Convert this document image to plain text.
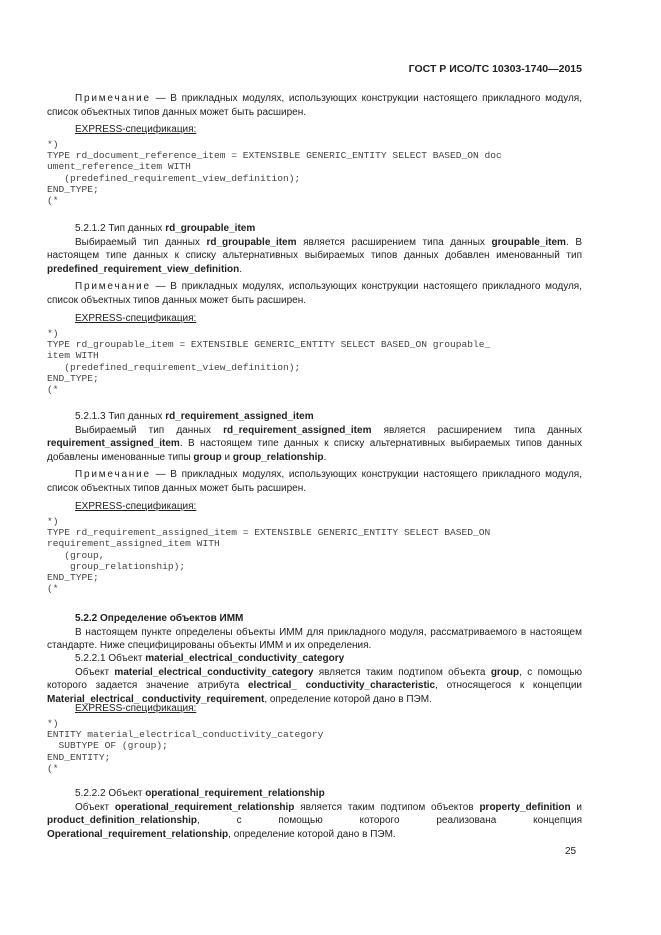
ГОСТ Р ИСО/ТС 10303-1740—2015

Примечание — В прикладных модулях, использующих конструкции настоящего прикладного модуля, список объектных типов данных может быть расширен.

EXPRESS-спецификация:

*)
TYPE rd_document_reference_item = EXTENSIBLE GENERIC_ENTITY SELECT BASED_ON doc
ument_reference_item WITH
(predefined_requirement_view_definition);
END_TYPE;
(*

5.2.1.2 Тип данных rd_groupable_item

Выбираемый тип данных rd_groupable_item является расширением типа данных groupable_item. В настоящем типе данных к списку альтернативных выбираемых типов данных добавлен именованный тип predefined_requirement_view_definition.

Примечание — В прикладных модулях, использующих конструкции настоящего прикладного модуля, список объектных типов данных может быть расширен.

EXPRESS-спецификация:

*)
TYPE rd_groupable_item = EXTENSIBLE GENERIC_ENTITY SELECT BASED_ON groupable_
item WITH
(predefined_requirement_view_definition);
END_TYPE;
(*

5.2.1.3 Тип данных rd_requirement_assigned_item

Выбираемый тип данных rd_requirement_assigned_item является расширением типа данных requirement_assigned_item. В настоящем типе данных к списку альтернативных выбираемых типов данных добавлены именованные типы group и group_relationship.

Примечание — В прикладных модулях, использующих конструкции настоящего прикладного модуля, список объектных типов данных может быть расширен.

EXPRESS-спецификация:

*)
TYPE rd_requirement_assigned_item = EXTENSIBLE GENERIC_ENTITY SELECT BASED_ON
requirement_assigned_item WITH
(group,
group_relationship);
END_TYPE;
(*

5.2.2 Определение объектов ИММ

В настоящем пункте определены объекты ИММ для прикладного модуля, рассматриваемого в настоящем стандарте. Ниже специфицированы объекты ИММ и их определения.

5.2.2.1 Объект material_electrical_conductivity_category

Объект material_electrical_conductivity_category является таким подтипом объекта group, с помощью которого задается значение атрибута electrical_ conductivity_characteristic, относящегося к концепции Material_electrical_ conductivity_requirement, определение которой дано в ПЭМ.

EXPRESS-спецификация:

*)
ENTITY material_electrical_conductivity_category
SUBTYPE OF (group);
END_ENTITY;
(*

5.2.2.2 Объект operational_requirement_relationship

Объект operational_requirement_relationship является таким подтипом объектов property_definition и product_definition_relationship, с помощью которого реализована концепция Operational_requirement_relationship, определение которой дано в ПЭМ.

25
